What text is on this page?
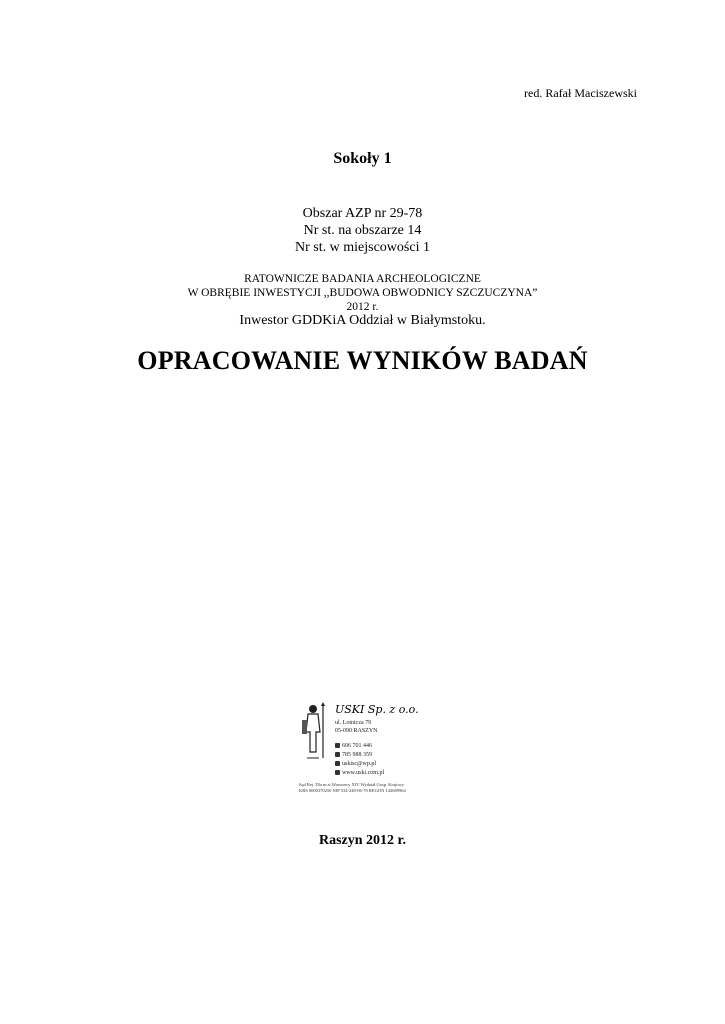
red. Rafał Maciszewski
Sokoły 1
Obszar AZP nr 29-78
Nr st. na obszarze 14
Nr st. w miejscowości 1
RATOWNICZE BADANIA ARCHEOLOGICZNE
W OBRĘBIE INWESTYCJI ,,BUDOWA OBWODNICY SZCZUCZYNA”
2012 r.
Inwestor GDDKiA Oddział w Białymstoku.
OPRACOWANIE WYNIKÓW BADAŃ
USKI Sp. z o.o.
ul. Lotnicza 79
05-090 RASZYN
606 701 446
785 988 359
uskisc@wp.pl
www.uski.com.pl
Sąd Rej. Dla m.st.Warszawy XIV Wydział Gosp. Krajowy
KRS 0000370250 NIP 534-248-06-70 REGON 142689964
Raszyn 2012 r.
